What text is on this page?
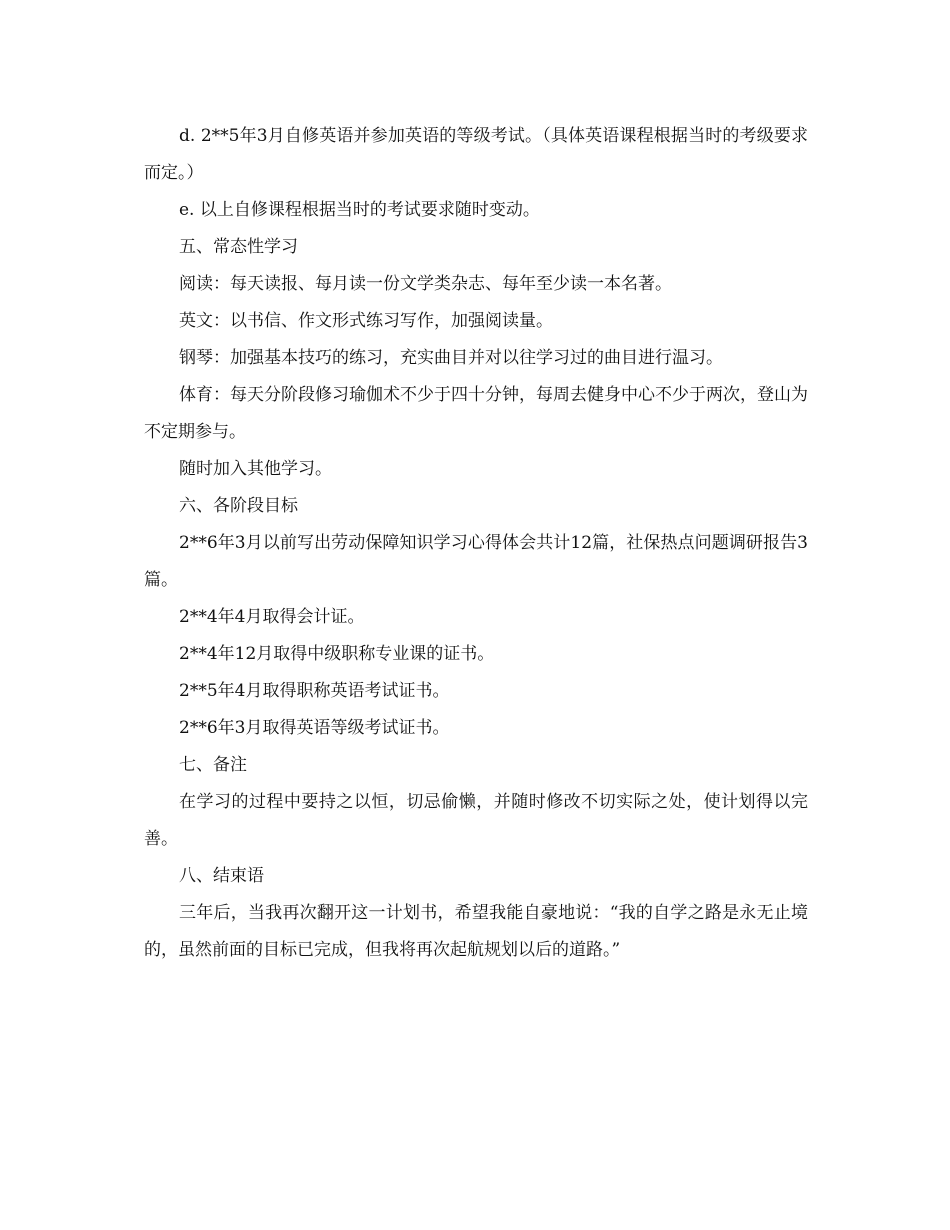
d. 2**5年3月自修英语并参加英语的等级考试。（具体英语课程根据当时的考级要求而定。）

e. 以上自修课程根据当时的考试要求随时变动。

五、常态性学习

阅读：每天读报、每月读一份文学类杂志、每年至少读一本名著。

英文：以书信、作文形式练习写作，加强阅读量。

钢琴：加强基本技巧的练习，充实曲目并对以往学习过的曲目进行温习。

体育：每天分阶段修习瑜伽术不少于四十分钟，每周去健身中心不少于两次，登山为不定期参与。

随时加入其他学习。

六、各阶段目标

2**6年3月以前写出劳动保障知识学习心得体会共计12篇，社保热点问题调研报告3篇。

2**4年4月取得会计证。

2**4年12月取得中级职称专业课的证书。

2**5年4月取得职称英语考试证书。

2**6年3月取得英语等级考试证书。

七、备注

在学习的过程中要持之以恒，切忌偷懒，并随时修改不切实际之处，使计划得以完善。

八、结束语

三年后，当我再次翻开这一计划书，希望我能自豪地说：“我的自学之路是永无止境的，虽然前面的目标已完成，但我将再次起航规划以后的道路。”
